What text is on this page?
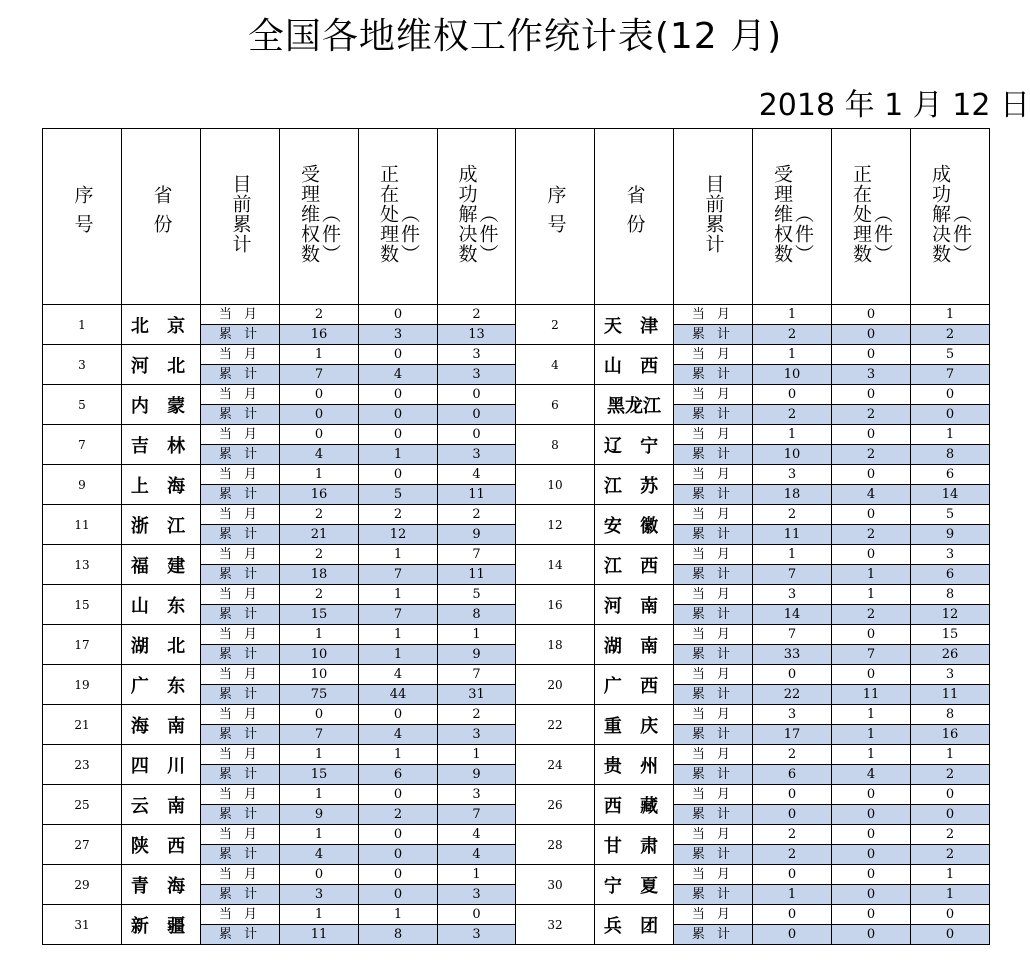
全国各地维权工作统计表(12 月)
2018 年 1 月 12 日
序号	省份	目前累计	受理维权数（件）	正在处理数（件）	成功解决数（件）	序号	省份	目前累计	受理维权数（件）	正在处理数（件）	成功解决数（件）
1	北 京	当 月	2	0	2	2	天 津	当 月	1	0	1
		累 计	16	3	13			累 计	2	0	2
3	河 北	当 月	1	0	3	4	山 西	当 月	1	0	5
		累 计	7	4	3			累 计	10	3	7
5	内 蒙	当 月	0	0	0	6	黑龙江	当 月	0	0	0
		累 计	0	0	0			累 计	2	2	0
7	吉 林	当 月	0	0	0	8	辽 宁	当 月	1	0	1
		累 计	4	1	3			累 计	10	2	8
9	上 海	当 月	1	0	4	10	江 苏	当 月	3	0	6
		累 计	16	5	11			累 计	18	4	14
11	浙 江	当 月	2	2	2	12	安 徽	当 月	2	0	5
		累 计	21	12	9			累 计	11	2	9
13	福 建	当 月	2	1	7	14	江 西	当 月	1	0	3
		累 计	18	7	11			累 计	7	1	6
15	山 东	当 月	2	1	5	16	河 南	当 月	3	1	8
		累 计	15	7	8			累 计	14	2	12
17	湖 北	当 月	1	1	1	18	湖 南	当 月	7	0	15
		累 计	10	1	9			累 计	33	7	26
19	广 东	当 月	10	4	7	20	广 西	当 月	0	0	3
		累 计	75	44	31			累 计	22	11	11
21	海 南	当 月	0	0	2	22	重 庆	当 月	3	1	8
		累 计	7	4	3			累 计	17	1	16
23	四 川	当 月	1	1	1	24	贵 州	当 月	2	1	1
		累 计	15	6	9			累 计	6	4	2
25	云 南	当 月	1	0	3	26	西 藏	当 月	0	0	0
		累 计	9	2	7			累 计	0	0	0
27	陕 西	当 月	1	0	4	28	甘 肃	当 月	2	0	2
		累 计	4	0	4			累 计	2	0	2
29	青 海	当 月	0	0	1	30	宁 夏	当 月	0	0	1
		累 计	3	0	3			累 计	1	0	1
31	新 疆	当 月	1	1	0	32	兵 团	当 月	0	0	0
		累 计	11	8	3			累 计	0	0	0
